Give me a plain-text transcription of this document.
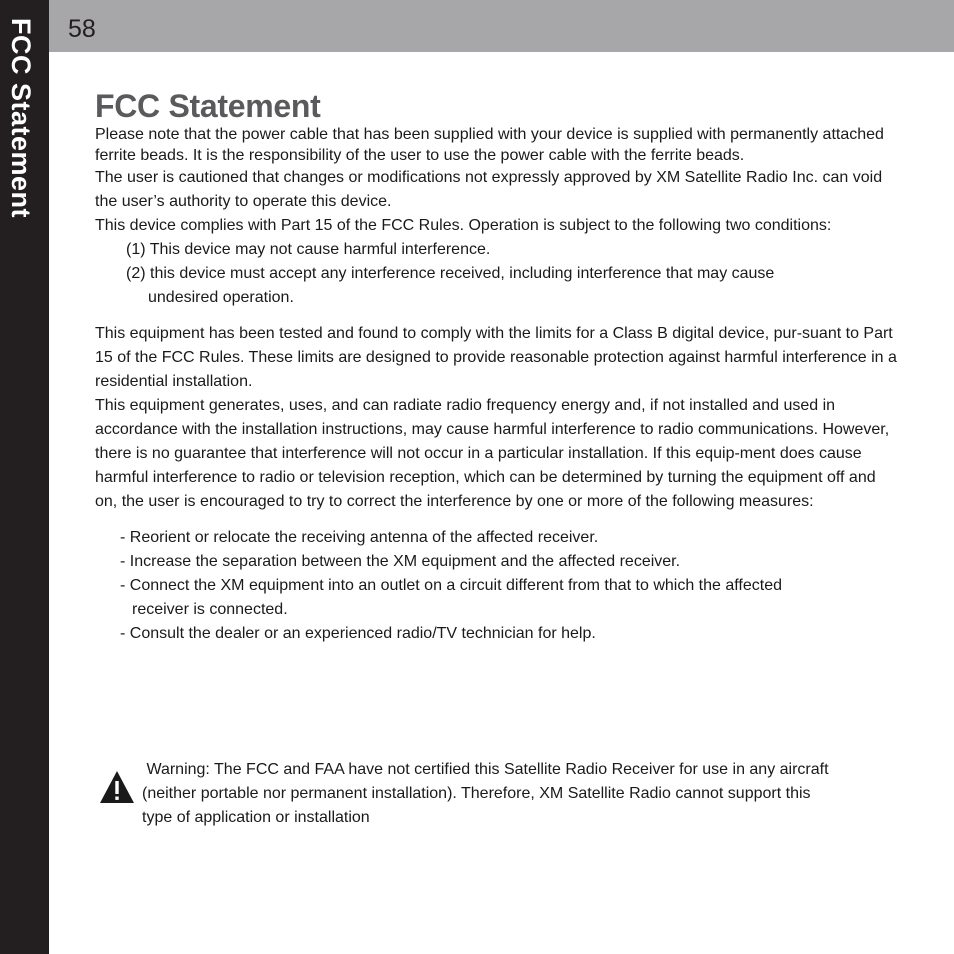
FCC Statement 58
FCC Statement

Please note that the power cable that has been supplied with your device is supplied with permanently attached ferrite beads. It is the responsibility of the user to use the power cable with the ferrite beads.

The user is cautioned that changes or modifications not expressly approved by XM Satellite Radio Inc. can void the user’s authority to operate this device.

This device complies with Part 15 of the FCC Rules. Operation is subject to the following two conditions:

(1) This device may not cause harmful interference.

(2) this device must accept any interference received, including interference that may cause

undesired operation.

This equipment has been tested and found to comply with the limits for a Class B digital device, pur-suant to Part 15 of the FCC Rules. These limits are designed to provide reasonable protection against harmful interference in a residential installation.

This equipment generates, uses, and can radiate radio frequency energy and, if not installed and used in accordance with the installation instructions, may cause harmful interference to radio communications. However, there is no guarantee that interference will not occur in a particular installation. If this equip-ment does cause harmful interference to radio or television reception, which can be determined by turning the equipment off and on, the user is encouraged to try to correct the interference by one or more of the following measures:

- Reorient or relocate the receiving antenna of the affected receiver.

- Increase the separation between the XM equipment and the affected receiver.

- Connect the XM equipment into an outlet on a circuit different from that to which the affected

receiver is connected.

- Consult the dealer or an experienced radio/TV technician for help.

Warning: The FCC and FAA have not certified this Satellite Radio Receiver for use in any aircraft
(neither portable nor permanent installation). Therefore, XM Satellite Radio cannot support this
type of application or installation
